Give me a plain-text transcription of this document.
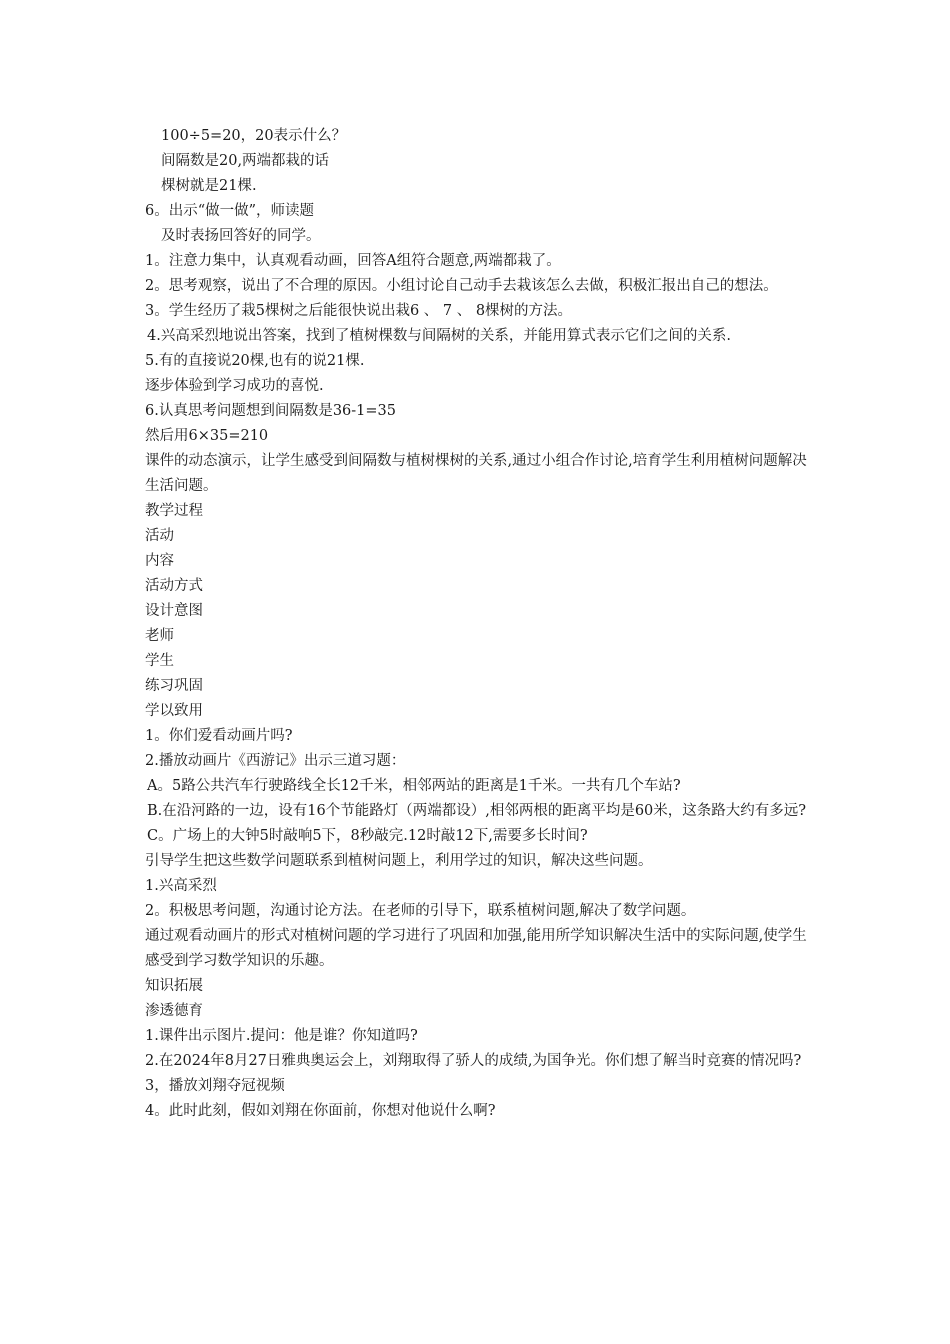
100÷5=20，20表示什么？

间隔数是20,两端都栽的话

棵树就是21棵.

6。出示“做一做”，师读题

及时表扬回答好的同学。

1。注意力集中，认真观看动画，回答A组符合题意,两端都栽了。

2。思考观察，说出了不合理的原因。小组讨论自己动手去栽该怎么去做，积极汇报出自己的想法。

3。学生经历了栽5棵树之后能很快说出栽6 、 7 、 8棵树的方法。

4.兴高采烈地说出答案，找到了植树棵数与间隔树的关系，并能用算式表示它们之间的关系.

5.有的直接说20棵,也有的说21棵.

逐步体验到学习成功的喜悦.

6.认真思考问题想到间隔数是36-1=35

然后用6×35=210

课件的动态演示，让学生感受到间隔数与植树棵树的关系,通过小组合作讨论,培育学生利用植树问题解决生活问题。

教学过程

活动

内容

活动方式

设计意图

老师

学生

练习巩固

学以致用

1。你们爱看动画片吗?

2.播放动画片《西游记》出示三道习题：

A。5路公共汽车行驶路线全长12千米，相邻两站的距离是1千米。一共有几个车站?

B.在沿河路的一边，设有16个节能路灯（两端都设）,相邻两根的距离平均是60米，这条路大约有多远?

C。广场上的大钟5时敲响5下，8秒敲完.12时敲12下,需要多长时间?

引导学生把这些数学问题联系到植树问题上，利用学过的知识，解决这些问题。

1.兴高采烈

2。积极思考问题，沟通讨论方法。在老师的引导下，联系植树问题,解决了数学问题。

通过观看动画片的形式对植树问题的学习进行了巩固和加强,能用所学知识解决生活中的实际问题,使学生感受到学习数学知识的乐趣。

知识拓展

渗透德育

1.课件出示图片.提问：他是谁？你知道吗?

2.在2024年8月27日雅典奥运会上，刘翔取得了骄人的成绩,为国争光。你们想了解当时竞赛的情况吗?

3，播放刘翔夺冠视频

4。此时此刻，假如刘翔在你面前，你想对他说什么啊?
